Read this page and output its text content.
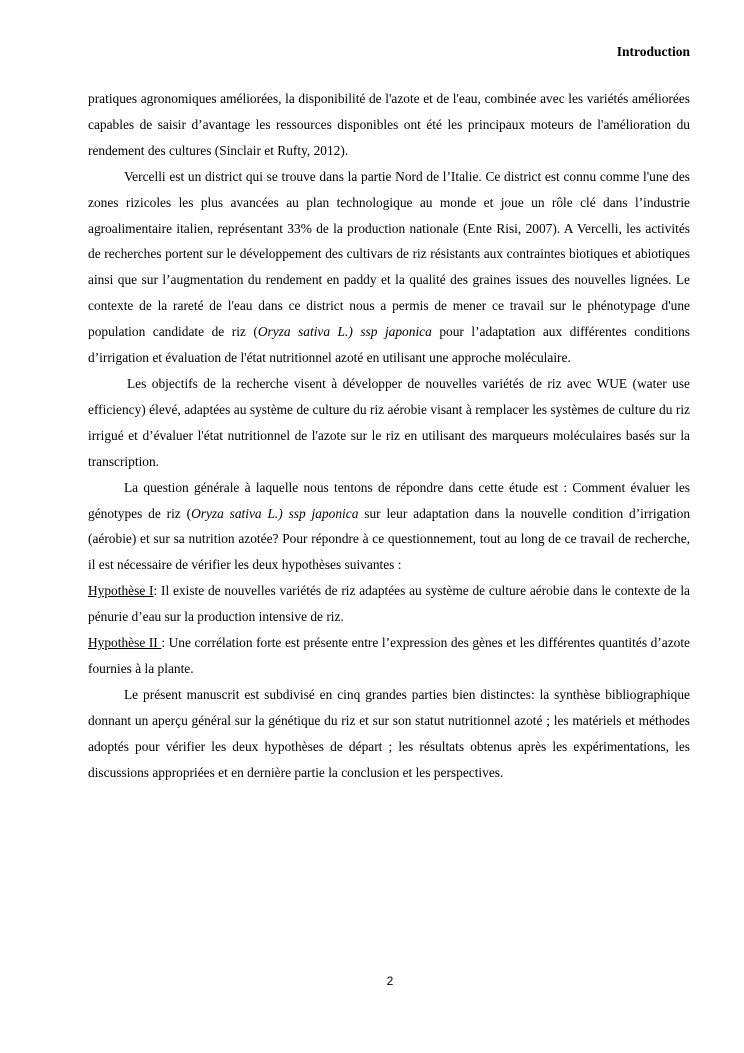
Introduction

pratiques agronomiques améliorées, la disponibilité de l'azote et de l'eau, combinée avec les variétés améliorées capables de saisir d’avantage les ressources disponibles ont été les principaux moteurs de l'amélioration du rendement des cultures (Sinclair et Rufty, 2012).

Vercelli est un district qui se trouve dans la partie Nord de l’Italie. Ce district est connu comme l'une des zones rizicoles les plus avancées au plan technologique au monde et joue un rôle clé dans l’industrie agroalimentaire italien, représentant 33% de la production nationale (Ente Risi, 2007). A Vercelli, les activités de recherches portent sur le développement des cultivars de riz résistants aux contraintes biotiques et abiotiques ainsi que sur l’augmentation du rendement en paddy et la qualité des graines issues des nouvelles lignées. Le contexte de la rareté de l'eau dans ce district nous a permis de mener ce travail sur le phénotypage d'une population candidate de riz (Oryza sativa L.) ssp japonica pour l’adaptation aux différentes conditions d’irrigation et évaluation de l'état nutritionnel azoté en utilisant une approche moléculaire.

Les objectifs de la recherche visent à développer de nouvelles variétés de riz avec WUE (water use efficiency) élevé, adaptées au système de culture du riz aérobie visant à remplacer les systèmes de culture du riz irrigué et d’évaluer l'état nutritionnel de l'azote sur le riz en utilisant des marqueurs moléculaires basés sur la transcription.

La question générale à laquelle nous tentons de répondre dans cette étude est : Comment évaluer les génotypes de riz (Oryza sativa L.) ssp japonica sur leur adaptation dans la nouvelle condition d’irrigation (aérobie) et sur sa nutrition azotée? Pour répondre à ce questionnement, tout au long de ce travail de recherche, il est nécessaire de vérifier les deux hypothèses suivantes :

Hypothèse I: Il existe de nouvelles variétés de riz adaptées au système de culture aérobie dans le contexte de la pénurie d’eau sur la production intensive de riz.

Hypothèse II : Une corrélation forte est présente entre l’expression des gènes et les différentes quantités d’azote fournies à la plante.

Le présent manuscrit est subdivisé en cinq grandes parties bien distinctes: la synthèse bibliographique donnant un aperçu général sur la génétique du riz et sur son statut nutritionnel azoté ; les matériels et méthodes adoptés pour vérifier les deux hypothèses de départ ; les résultats obtenus après les expérimentations, les discussions appropriées et en dernière partie la conclusion et les perspectives.

2
